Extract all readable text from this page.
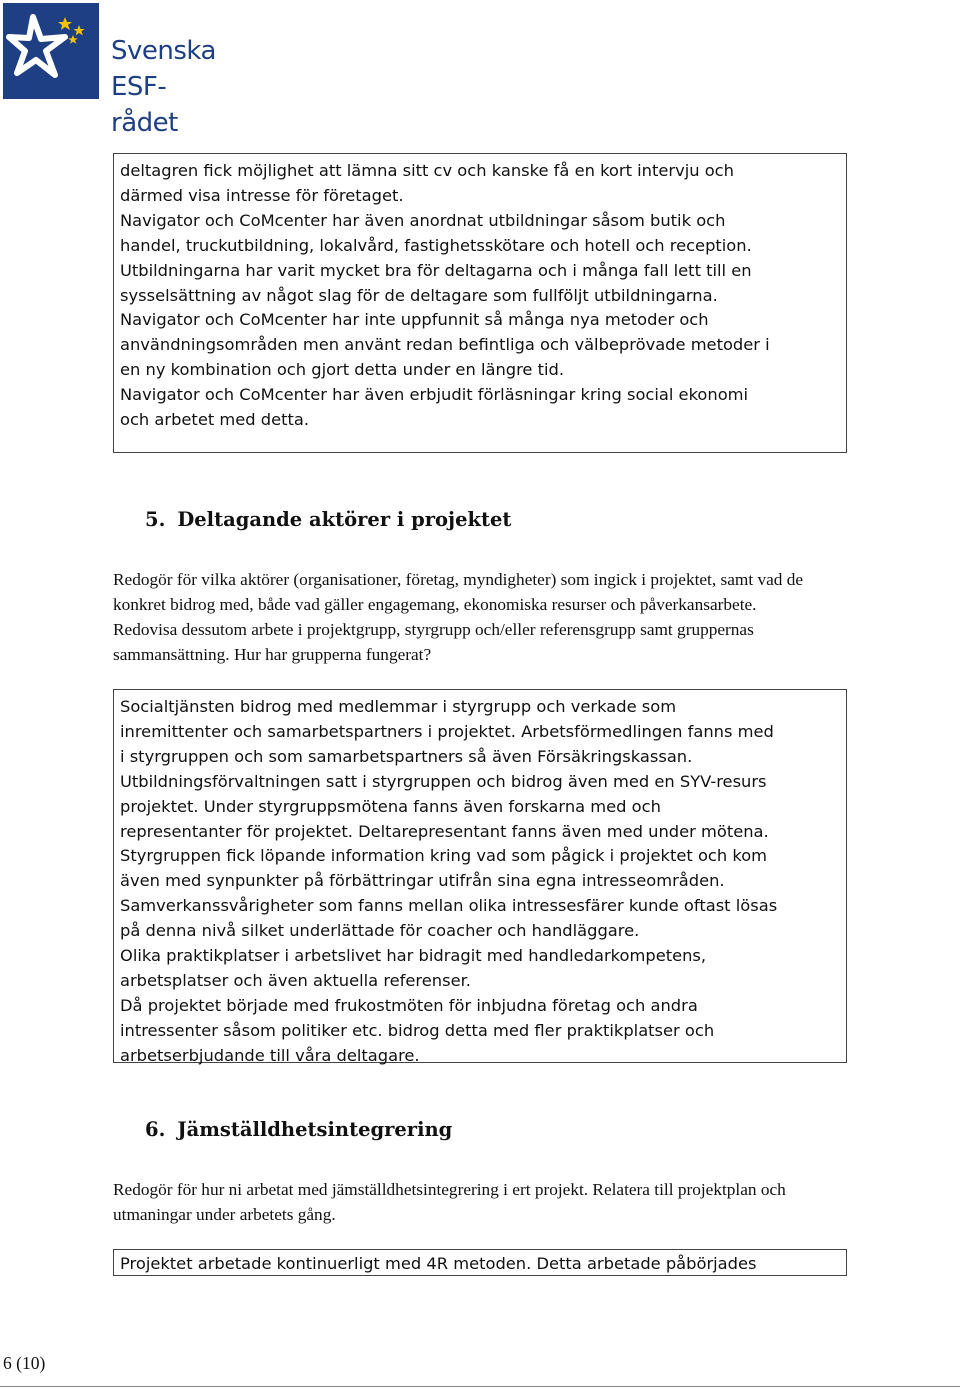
Svenska
ESF-rådet

deltagren fick möjlighet att lämna sitt cv och kanske få en kort intervju och

därmed visa intresse för företaget.

Navigator och CoMcenter har även anordnat utbildningar såsom butik och

handel, truckutbildning, lokalvård, fastighetsskötare och hotell och reception.

Utbildningarna har varit mycket bra för deltagarna och i många fall lett till en

sysselsättning av något slag för de deltagare som fullföljt utbildningarna.

Navigator och CoMcenter har inte uppfunnit så många nya metoder och

användningsområden men använt redan befintliga och välbeprövade metoder i

en ny kombination och gjort detta under en längre tid.

Navigator och CoMcenter har även erbjudit förläsningar kring social ekonomi

och arbetet med detta.

5. Deltagande aktörer i projektet
Redogör för vilka aktörer (organisationer, företag, myndigheter) som ingick i projektet, samt vad de
konkret bidrog med, både vad gäller engagemang, ekonomiska resurser och påverkansarbete.
Redovisa dessutom arbete i projektgrupp, styrgrupp och/eller referensgrupp samt gruppernas
sammansättning. Hur har grupperna fungerat?

Socialtjänsten bidrog med medlemmar i styrgrupp och verkade som

inremittenter och samarbetspartners i projektet. Arbetsförmedlingen fanns med

i styrgruppen och som samarbetspartners så även Försäkringskassan.

Utbildningsförvaltningen satt i styrgruppen och bidrog även med en SYV-resurs

projektet. Under styrgruppsmötena fanns även forskarna med och

representanter för projektet. Deltarepresentant fanns även med under mötena.

Styrgruppen fick löpande information kring vad som pågick i projektet och kom

även med synpunkter på förbättringar utifrån sina egna intresseområden.

Samverkanssvårigheter som fanns mellan olika intressesfärer kunde oftast lösas

på denna nivå silket underlättade för coacher och handläggare.

Olika praktikplatser i arbetslivet har bidragit med handledarkompetens,

arbetsplatser och även aktuella referenser.

Då projektet började med frukostmöten för inbjudna företag och andra

intressenter såsom politiker etc. bidrog detta med fler praktikplatser och

arbetserbjudande till våra deltagare.

6. Jämställdhetsintegrering
Redogör för hur ni arbetat med jämställdhetsintegrering i ert projekt. Relatera till projektplan och
utmaningar under arbetets gång.

Projektet arbetade kontinuerligt med 4R metoden. Detta arbetade påbörjades

6 (10)
